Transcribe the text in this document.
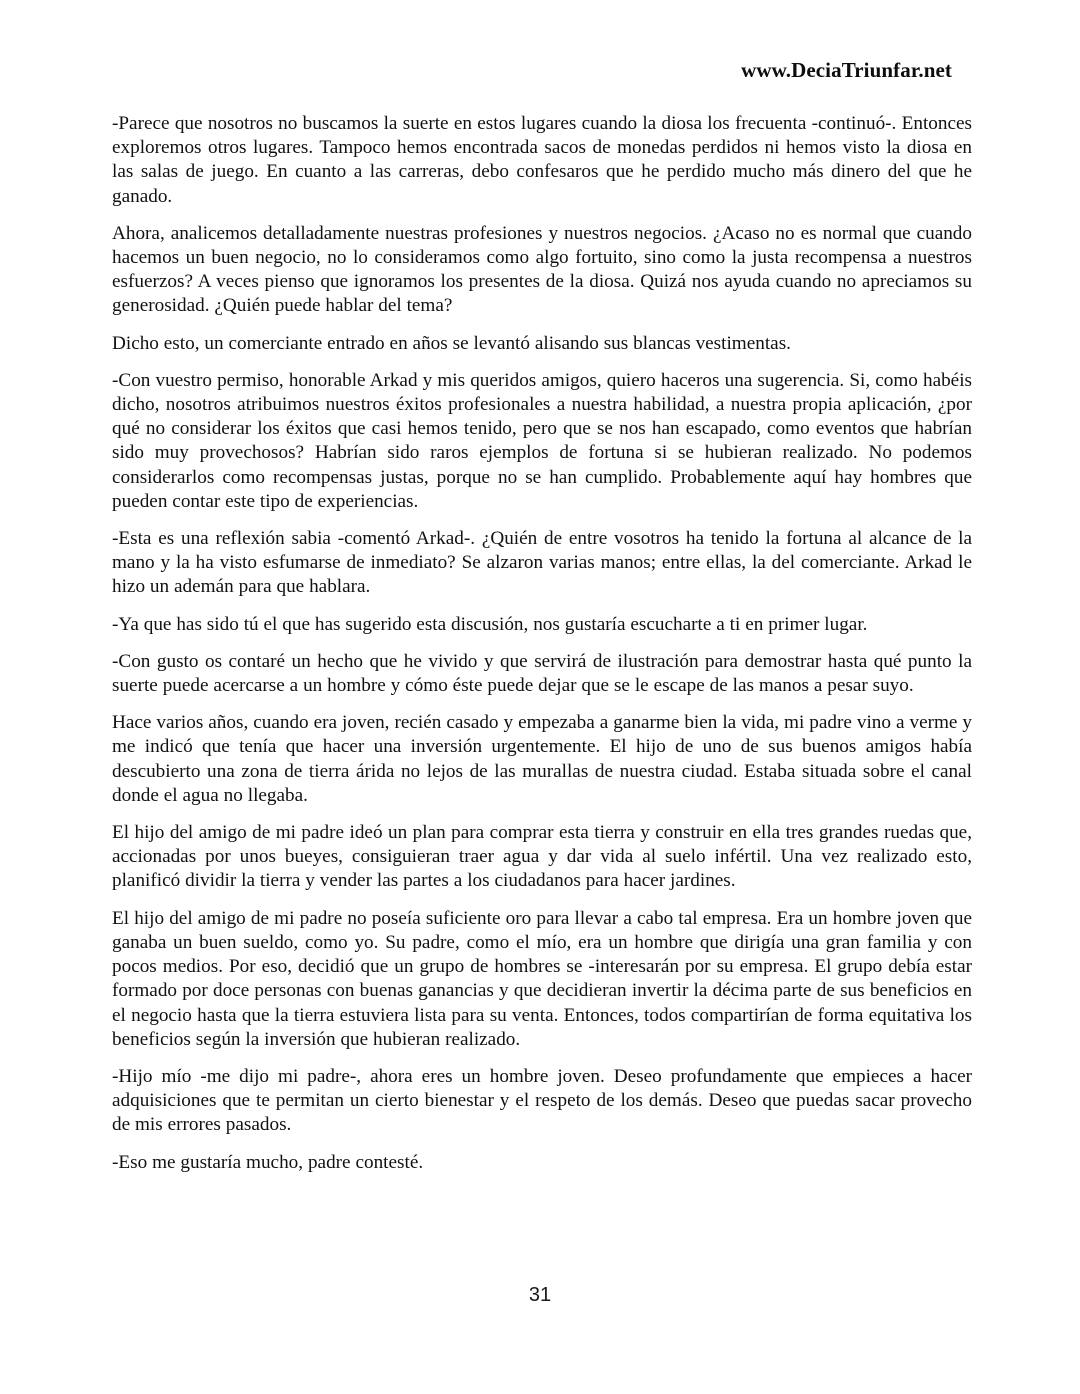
www.DeciaTriunfar.net

-Parece que nosotros no buscamos la suerte en estos lugares cuando la diosa los frecuenta -continuó-. Entonces exploremos otros lugares. Tampoco hemos encontrada sacos de monedas perdidos ni hemos visto la diosa en las salas de juego. En cuanto a las carreras, debo confesaros que he perdido mucho más dinero del que he ganado.

Ahora, analicemos detalladamente nuestras profesiones y nuestros negocios. ¿Acaso no es normal que cuando hacemos un buen negocio, no lo consideramos como algo fortuito, sino como la justa recompensa a nuestros esfuerzos? A veces pienso que ignoramos los presentes de la diosa. Quizá nos ayuda cuando no apreciamos su generosidad. ¿Quién puede hablar del tema?

Dicho esto, un comerciante entrado en años se levantó alisando sus blancas vestimentas.

-Con vuestro permiso, honorable Arkad y mis queridos amigos, quiero haceros una sugerencia. Si, como habéis dicho, nosotros atribuimos nuestros éxitos profesionales a nuestra habilidad, a nuestra propia aplicación, ¿por qué no considerar los éxitos que casi hemos tenido, pero que se nos han escapado, como eventos que habrían sido muy provechosos? Habrían sido raros ejemplos de fortuna si se hubieran realizado. No podemos considerarlos como recompensas justas, porque no se han cumplido. Probablemente aquí hay hombres que pueden contar este tipo de experiencias.

-Esta es una reflexión sabia -comentó Arkad-. ¿Quién de entre vosotros ha tenido la fortuna al alcance de la mano y la ha visto esfumarse de inmediato? Se alzaron varias manos; entre ellas, la del comerciante. Arkad le hizo un ademán para que hablara.

-Ya que has sido tú el que has sugerido esta discusión, nos gustaría escucharte a ti en primer lugar.

-Con gusto os contaré un hecho que he vivido y que servirá de ilustración para demostrar hasta qué punto la suerte puede acercarse a un hombre y cómo éste puede dejar que se le escape de las manos a pesar suyo.

Hace varios años, cuando era joven, recién casado y empezaba a ganarme bien la vida, mi padre vino a verme y me indicó que tenía que hacer una inversión urgentemente. El hijo de uno de sus buenos amigos había descubierto una zona de tierra árida no lejos de las murallas de nuestra ciudad. Estaba situada sobre el canal donde el agua no llegaba.

El hijo del amigo de mi padre ideó un plan para comprar esta tierra y construir en ella tres grandes ruedas que, accionadas por unos bueyes, consiguieran traer agua y dar vida al suelo infértil. Una vez realizado esto, planificó dividir la tierra y vender las partes a los ciudadanos para hacer jardines.

El hijo del amigo de mi padre no poseía suficiente oro para llevar a cabo tal empresa. Era un hombre joven que ganaba un buen sueldo, como yo. Su padre, como el mío, era un hombre que dirigía una gran familia y con pocos medios. Por eso, decidió que un grupo de hombres se -interesarán por su empresa. El grupo debía estar formado por doce personas con buenas ganancias y que decidieran invertir la décima parte de sus beneficios en el negocio hasta que la tierra estuviera lista para su venta. Entonces, todos compartirían de forma equitativa los beneficios según la inversión que hubieran realizado.

-Hijo mío -me dijo mi padre-, ahora eres un hombre joven. Deseo profundamente que empieces a hacer adquisiciones que te permitan un cierto bienestar y el respeto de los demás. Deseo que puedas sacar provecho de mis errores pasados.

-Eso me gustaría mucho, padre contesté.

31
